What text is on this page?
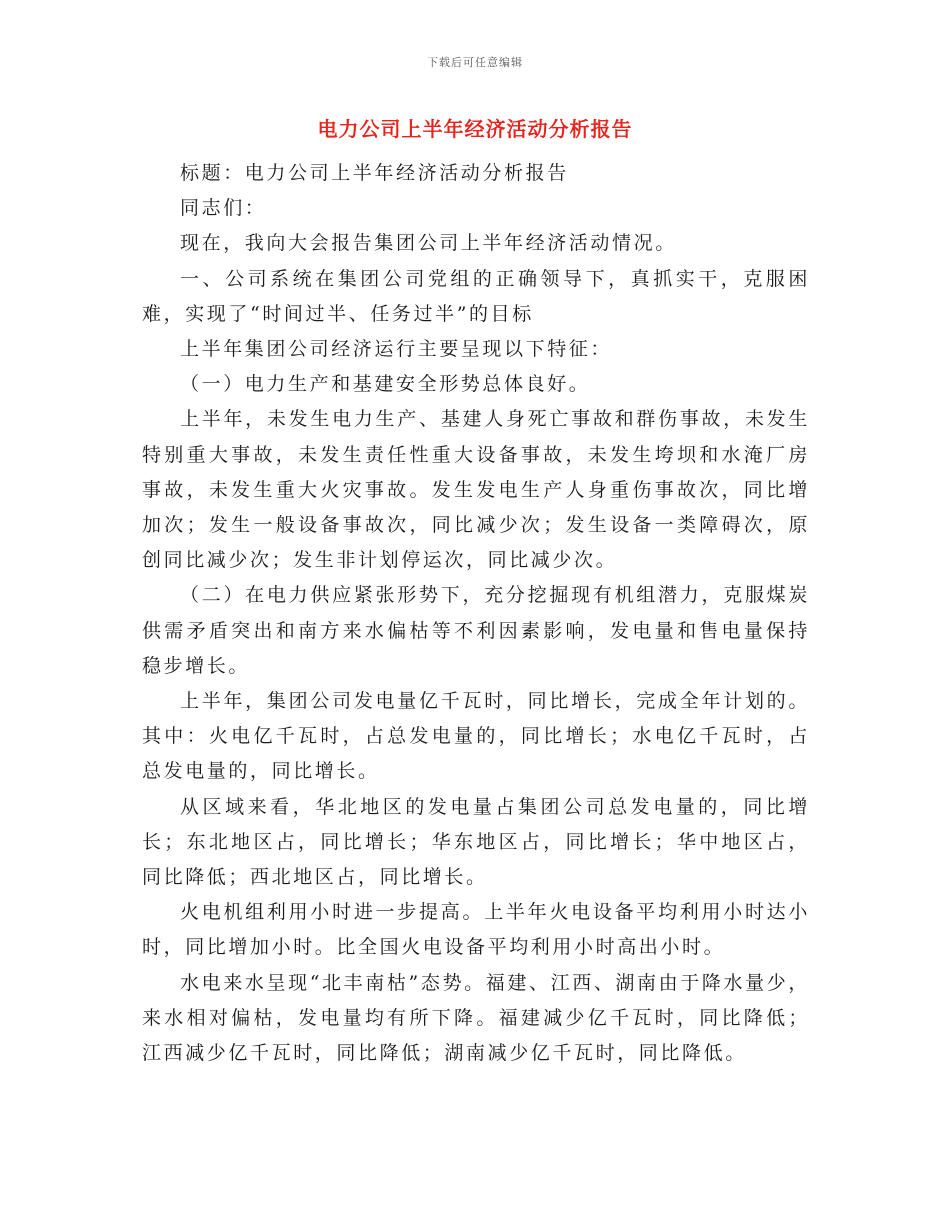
下载后可任意编辑
电力公司上半年经济活动分析报告

标题：电力公司上半年经济活动分析报告

同志们：

现在，我向大会报告集团公司上半年经济活动情况。

一、公司系统在集团公司党组的正确领导下，真抓实干，克服困难，实现了“时间过半、任务过半”的目标

上半年集团公司经济运行主要呈现以下特征：

（一）电力生产和基建安全形势总体良好。

上半年，未发生电力生产、基建人身死亡事故和群伤事故，未发生特别重大事故，未发生责任性重大设备事故，未发生垮坝和水淹厂房事故，未发生重大火灾事故。发生发电生产人身重伤事故次，同比增加次；发生一般设备事故次，同比减少次；发生设备一类障碍次，原创同比减少次；发生非计划停运次，同比减少次。

（二）在电力供应紧张形势下，充分挖掘现有机组潜力，克服煤炭供需矛盾突出和南方来水偏枯等不利因素影响，发电量和售电量保持稳步增长。

上半年，集团公司发电量亿千瓦时，同比增长，完成全年计划的。其中：火电亿千瓦时，占总发电量的，同比增长；水电亿千瓦时，占总发电量的，同比增长。

从区域来看，华北地区的发电量占集团公司总发电量的，同比增长；东北地区占，同比增长；华东地区占，同比增长；华中地区占，同比降低；西北地区占，同比增长。

火电机组利用小时进一步提高。上半年火电设备平均利用小时达小时，同比增加小时。比全国火电设备平均利用小时高出小时。

水电来水呈现“北丰南枯”态势。福建、江西、湖南由于降水量少，来水相对偏枯，发电量均有所下降。福建减少亿千瓦时，同比降低；江西减少亿千瓦时，同比降低；湖南减少亿千瓦时，同比降低。
